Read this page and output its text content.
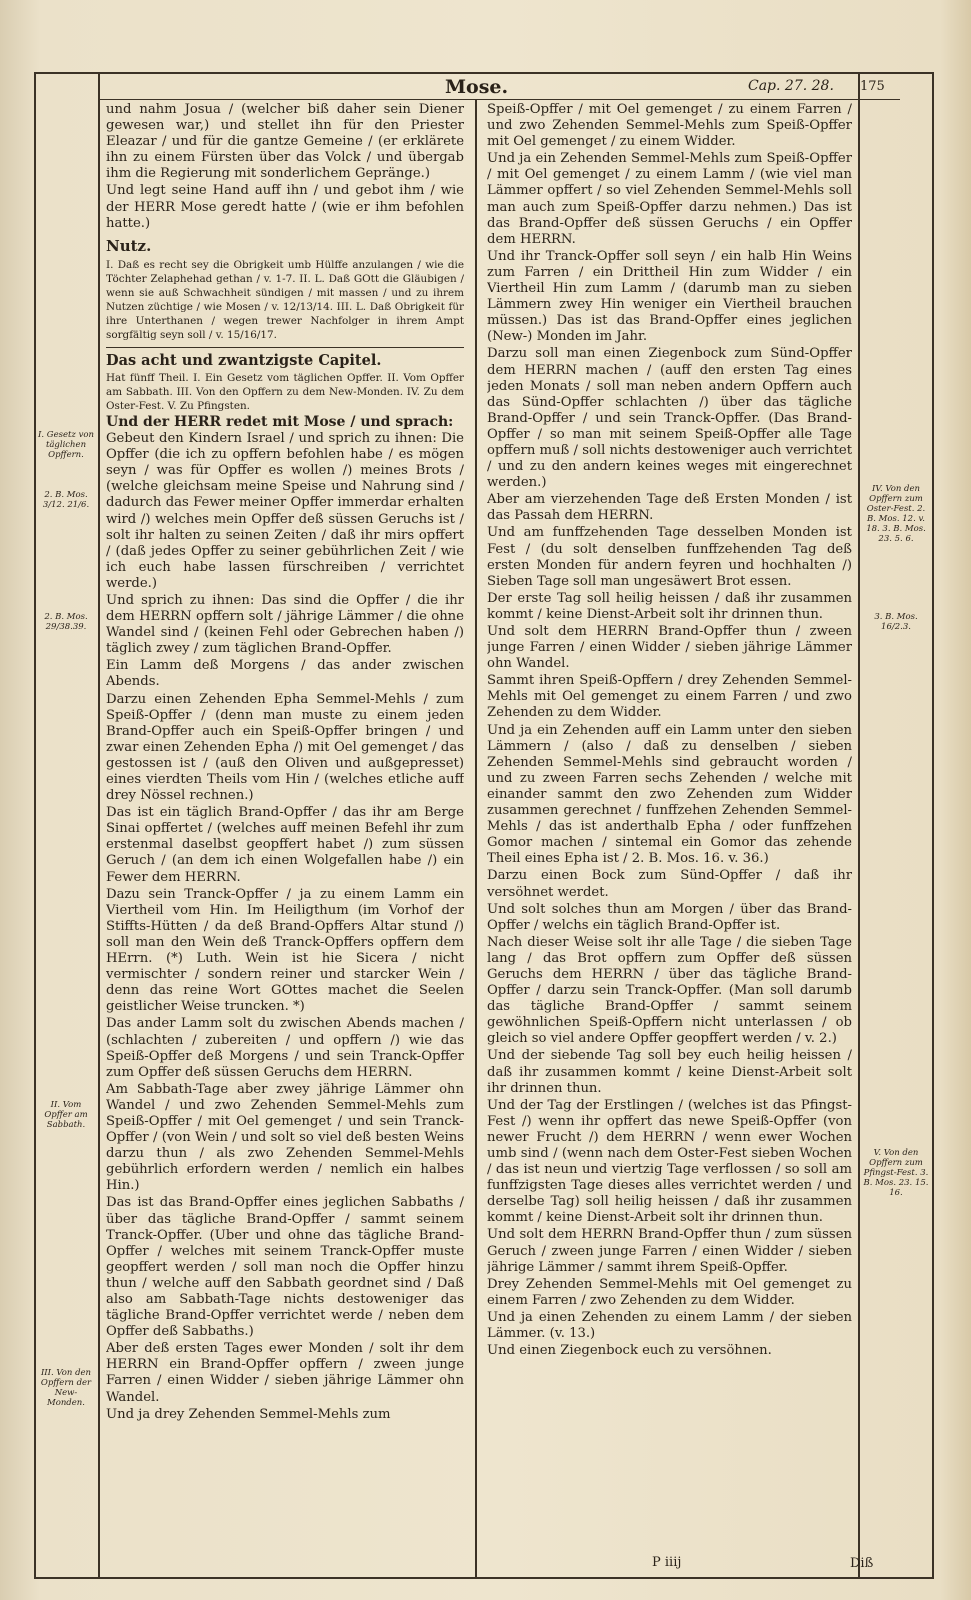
Mose.	Cap. 27. 28. 175

und nahm Josua / (welcher biß daher sein Diener gewesen war,) und stellet ihn für den Priester Eleazar / und für die gantze Gemeine / (er erklärete ihn zu einem Fürsten über das Volck / und übergab ihm die Regierung mit sonderlichem Gepränge.)

Und legt seine Hand auff ihn / und gebot ihm / wie der HERR Mose geredt hatte / (wie er ihm befohlen hatte.)

Nutz.

I. Daß es recht sey die Obrigkeit umb Hülffe anzulangen / wie die Töchter Zelaphehad gethan / v. 1-7. II. L. Daß GOtt die Gläubigen / wenn sie auß Schwachheit sündigen / mit massen / und zu ihrem Nutzen züchtige / wie Mosen / v. 12/13/14. III. L. Daß Obrigkeit für ihre Unterthanen / wegen trewer Nachfolger in ihrem Ampt sorgfältig seyn soll / v. 15/16/17.

Das acht und zwantzigste Capitel.

Hat fünff Theil. I. Ein Gesetz vom täglichen Opffer. II. Vom Opffer am Sabbath. III. Von den Opffern zu dem New-Monden. IV. Zu dem Oster-Fest. V. Zu Pfingsten.

Und der HERR redet mit Mose / und sprach:

Gebeut den Kindern Israel / und sprich zu ihnen: Die Opffer (die ich zu opffern befohlen habe / es mögen seyn / was für Opffer es wollen /) meines Brots / (welche gleichsam meine Speise und Nahrung sind / dadurch das Fewer meiner Opffer immerdar erhalten wird /) welches mein Opffer deß süssen Geruchs ist / solt ihr halten zu seinen Zeiten / daß ihr mirs opffert / (daß jedes Opffer zu seiner gebührlichen Zeit / wie ich euch habe lassen fürschreiben / verrichtet werde.)

Und sprich zu ihnen: Das sind die Opffer / die ihr dem HERRN opffern solt / jährige Lämmer / die ohne Wandel sind / (keinen Fehl oder Gebrechen haben /) täglich zwey / zum täglichen Brand-Opffer.

Ein Lamm deß Morgens / das ander zwischen Abends.

Darzu einen Zehenden Epha Semmel-Mehls / zum Speiß-Opffer / (denn man muste zu einem jeden Brand-Opffer auch ein Speiß-Opffer bringen / und zwar einen Zehenden Epha /) mit Oel gemenget / das gestossen ist / (auß den Oliven und außgepresset) eines vierdten Theils vom Hin / (welches etliche auff drey Nössel rechnen.)

Das ist ein täglich Brand-Opffer / das ihr am Berge Sinai opffertet / (welches auff meinen Befehl ihr zum erstenmal daselbst geopffert habet /) zum süssen Geruch / (an dem ich einen Wolgefallen habe /) ein Fewer dem HERRN.

Dazu sein Tranck-Opffer / ja zu einem Lamm ein Viertheil vom Hin. Im Heiligthum (im Vorhof der Stiffts-Hütten / da deß Brand-Opffers Altar stund /) soll man den Wein deß Tranck-Opffers opffern dem HErrn. (*) Luth. Wein ist hie Sicera / nicht vermischter / sondern reiner und starcker Wein / denn das reine Wort GOttes machet die Seelen geistlicher Weise truncken. *)

Das ander Lamm solt du zwischen Abends machen / (schlachten / zubereiten / und opffern /) wie das Speiß-Opffer deß Morgens / und sein Tranck-Opffer zum Opffer deß süssen Geruchs dem HERRN.

Am Sabbath-Tage aber zwey jährige Lämmer ohn Wandel / und zwo Zehenden Semmel-Mehls zum Speiß-Opffer / mit Oel gemenget / und sein Tranck-Opffer / (von Wein / und solt so viel deß besten Weins darzu thun / als zwo Zehenden Semmel-Mehls gebührlich erfordern werden / nemlich ein halbes Hin.)

Das ist das Brand-Opffer eines jeglichen Sabbaths / über das tägliche Brand-Opffer / sammt seinem Tranck-Opffer. (Uber und ohne das tägliche Brand-Opffer / welches mit seinem Tranck-Opffer muste geopffert werden / soll man noch die Opffer hinzu thun / welche auff den Sabbath geordnet sind / Daß also am Sabbath-Tage nichts destoweniger das tägliche Brand-Opffer verrichtet werde / neben dem Opffer deß Sabbaths.)

Aber deß ersten Tages ewer Monden / solt ihr dem HERRN ein Brand-Opffer opffern / zween junge Farren / einen Widder / sieben jährige Lämmer ohn Wandel.

Und ja drey Zehenden Semmel-Mehls zum

Speiß-Opffer / mit Oel gemenget / zu einem Farren / und zwo Zehenden Semmel-Mehls zum Speiß-Opffer mit Oel gemenget / zu einem Widder.

Und ja ein Zehenden Semmel-Mehls zum Speiß-Opffer / mit Oel gemenget / zu einem Lamm / (wie viel man Lämmer opffert / so viel Zehenden Semmel-Mehls soll man auch zum Speiß-Opffer darzu nehmen.) Das ist das Brand-Opffer deß süssen Geruchs / ein Opffer dem HERRN.

Und ihr Tranck-Opffer soll seyn / ein halb Hin Weins zum Farren / ein Drittheil Hin zum Widder / ein Viertheil Hin zum Lamm / (darumb man zu sieben Lämmern zwey Hin weniger ein Viertheil brauchen müssen.) Das ist das Brand-Opffer eines jeglichen (New-) Monden im Jahr.

Darzu soll man einen Ziegenbock zum Sünd-Opffer dem HERRN machen / (auff den ersten Tag eines jeden Monats / soll man neben andern Opffern auch das Sünd-Opffer schlachten /) über das tägliche Brand-Opffer / und sein Tranck-Opffer. (Das Brand-Opffer / so man mit seinem Speiß-Opffer alle Tage opffern muß / soll nichts destoweniger auch verrichtet / und zu den andern keines weges mit eingerechnet werden.)

Aber am vierzehenden Tage deß Ersten Monden / ist das Passah dem HERRN.

Und am funffzehenden Tage desselben Monden ist Fest / (du solt denselben funffzehenden Tag deß ersten Monden für andern feyren und hochhalten /) Sieben Tage soll man ungesäwert Brot essen.

Der erste Tag soll heilig heissen / daß ihr zusammen kommt / keine Dienst-Arbeit solt ihr drinnen thun.

Und solt dem HERRN Brand-Opffer thun / zween junge Farren / einen Widder / sieben jährige Lämmer ohn Wandel.

Sammt ihren Speiß-Opffern / drey Zehenden Semmel-Mehls mit Oel gemenget zu einem Farren / und zwo Zehenden zu dem Widder.

Und ja ein Zehenden auff ein Lamm unter den sieben Lämmern / (also / daß zu denselben / sieben Zehenden Semmel-Mehls sind gebraucht worden / und zu zween Farren sechs Zehenden / welche mit einander sammt den zwo Zehenden zum Widder zusammen gerechnet / funffzehen Zehenden Semmel-Mehls / das ist anderthalb Epha / oder funffzehen Gomor machen / sintemal ein Gomor das zehende Theil eines Epha ist / 2. B. Mos. 16. v. 36.)

Darzu einen Bock zum Sünd-Opffer / daß ihr versöhnet werdet.

Und solt solches thun am Morgen / über das Brand-Opffer / welchs ein täglich Brand-Opffer ist.

Nach dieser Weise solt ihr alle Tage / die sieben Tage lang / das Brot opffern zum Opffer deß süssen Geruchs dem HERRN / über das tägliche Brand-Opffer / darzu sein Tranck-Opffer. (Man soll darumb das tägliche Brand-Opffer / sammt seinem gewöhnlichen Speiß-Opffern nicht unterlassen / ob gleich so viel andere Opffer geopffert werden / v. 2.)

Und der siebende Tag soll bey euch heilig heissen / daß ihr zusammen kommt / keine Dienst-Arbeit solt ihr drinnen thun.

Und der Tag der Erstlingen / (welches ist das Pfingst-Fest /) wenn ihr opffert das newe Speiß-Opffer (von newer Frucht /) dem HERRN / wenn ewer Wochen umb sind / (wenn nach dem Oster-Fest sieben Wochen / das ist neun und viertzig Tage verflossen / so soll am funffzigsten Tage dieses alles verrichtet werden / und derselbe Tag) soll heilig heissen / daß ihr zusammen kommt / keine Dienst-Arbeit solt ihr drinnen thun.

Und solt dem HERRN Brand-Opffer thun / zum süssen Geruch / zween junge Farren / einen Widder / sieben jährige Lämmer / sammt ihrem Speiß-Opffer.

Drey Zehenden Semmel-Mehls mit Oel gemenget zu einem Farren / zwo Zehenden zu dem Widder.

Und ja einen Zehenden zu einem Lamm / der sieben Lämmer. (v. 13.)

Und einen Ziegenbock euch zu versöhnen.

I. Gesetz von täglichen Opffern.
2. B. Mos. 3/12. 21/6.
2. B. Mos. 29/38.39.
II. Vom Opffer am Sabbath.
III. Von den Opffern der New-Monden.
IV. Von den Opffern zum Oster-Fest. 2. B. Mos. 12. v. 18. 3. B. Mos. 23. 5. 6.
3. B. Mos. 16/2.3.
V. Von den Opffern zum Pfingst-Fest. 3. B. Mos. 23. 15. 16.
P iiij	Diß
